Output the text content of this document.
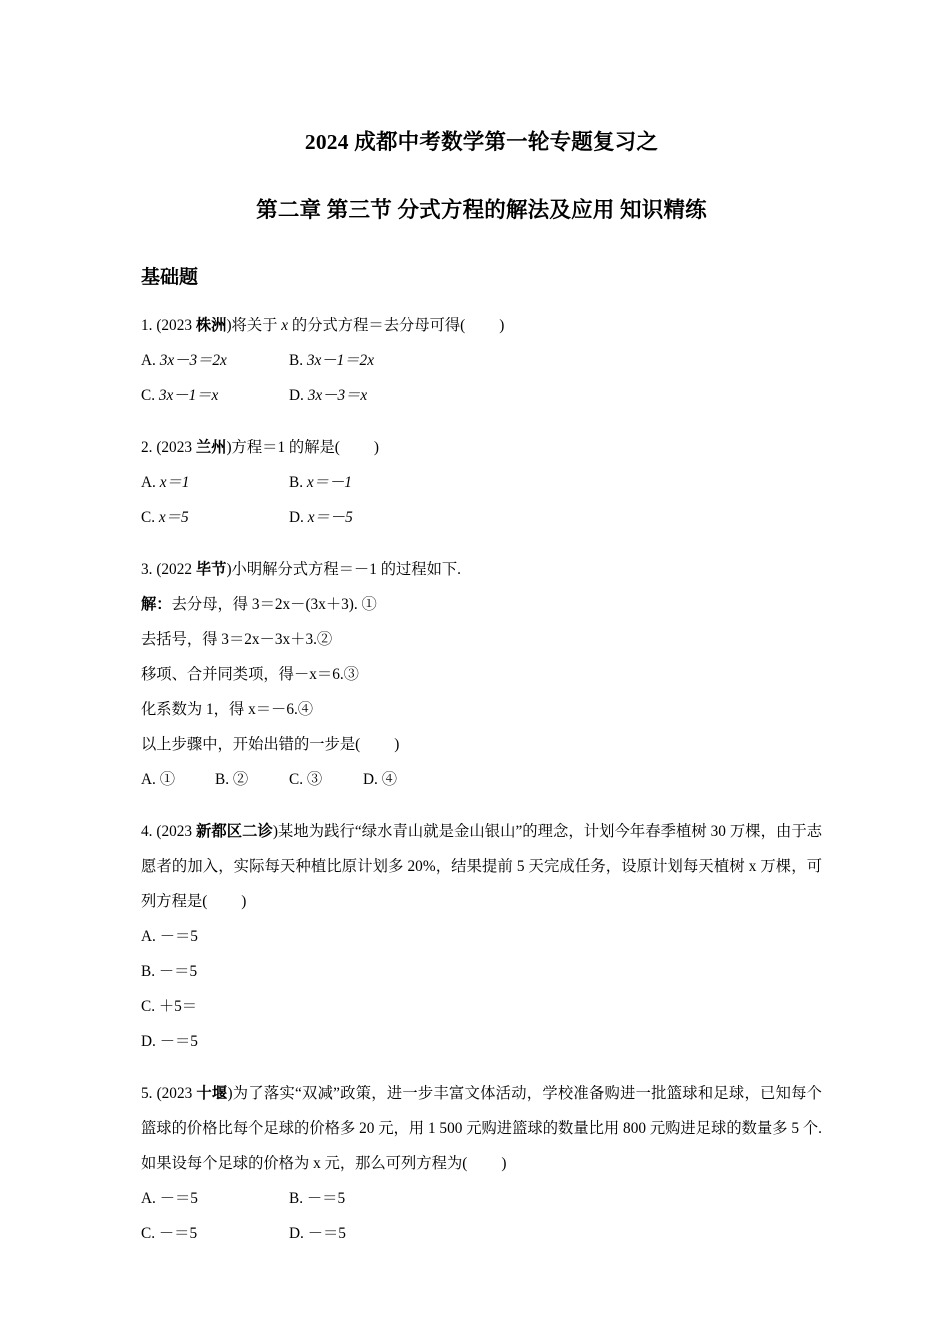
2024 成都中考数学第一轮专题复习之
第二章 第三节 分式方程的解法及应用 知识精练
基础题
1. (2023 株洲)将关于 x 的分式方程＝去分母可得( )
A. 3x－3＝2x	B. 3x－1＝2x
C. 3x－1＝x	D. 3x－3＝x
2. (2023 兰州)方程＝1 的解是( )
A. x＝1	B. x＝－1
C. x＝5	D. x＝－5
3. (2022 毕节)小明解分式方程＝－1 的过程如下.
解：去分母，得 3＝2x－(3x＋3). ①
去括号，得 3＝2x－3x＋3.②
移项、合并同类项，得－x＝6.③
化系数为 1，得 x＝－6.④
以上步骤中，开始出错的一步是( )
A. ①	B. ②	C. ③	D. ④
4. (2023 新都区二诊)某地为践行“绿水青山就是金山银山”的理念，计划今年春季植树 30 万棵，由于志愿者的加入，实际每天种植比原计划多 20%，结果提前 5 天完成任务，设原计划每天植树 x 万棵，可列方程是( )
A. －＝5
B. －＝5
C. ＋5＝
D. －＝5
5. (2023 十堰)为了落实“双减”政策，进一步丰富文体活动，学校准备购进一批篮球和足球，已知每个篮球的价格比每个足球的价格多 20 元，用 1 500 元购进篮球的数量比用 800 元购进足球的数量多 5 个. 如果设每个足球的价格为 x 元，那么可列方程为( )
A. －＝5	B. －＝5
C. －＝5	D. －＝5
